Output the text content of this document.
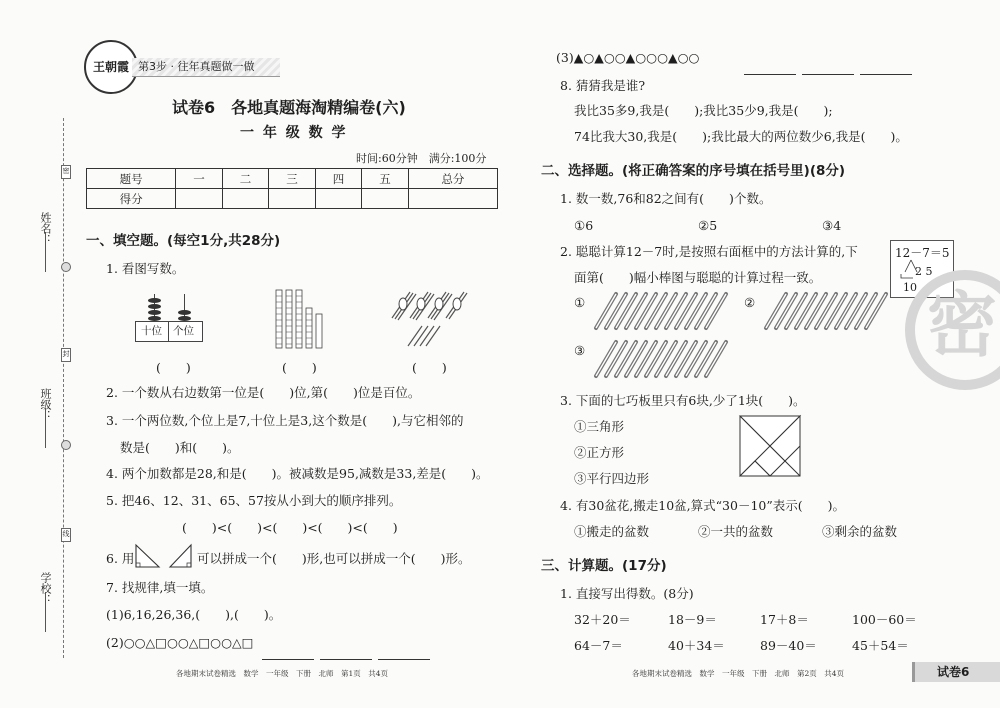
密
封
线
姓名：
班级：
学校：
王朝霞 第3步 · 往年真题做一做
试卷6　各地真题海淘精编卷(六)
一 年 级 数 学
时间:60分钟　满分:100分
题号	一	二	三	四	五	总分
得分						
一、填空题。(每空1分,共28分)
1. 看图写数。
十位 个位
(　　)	(　　)	(　　)
2. 一个数从右边数第一位是(　　)位,第(　　)位是百位。
3. 一个两位数,个位上是7,十位上是3,这个数是(　　),与它相邻的
数是(　　)和(　　)。
4. 两个加数都是28,和是(　　)。被减数是95,减数是33,差是(　　)。
5. 把46、12、31、65、57按从小到大的顺序排列。
(　　)<(　　)<(　　)<(　　)<(　　)
6. 用	可以拼成一个(　　)形,也可以拼成一个(　　)形。
7. 找规律,填一填。
(1)6,16,26,36,(　　),(　　)。
(2)○○△□○○△□○○△□
各地期末试卷精选　数学　一年级　下册　北师　第1页　共4页
(3)▲○▲○○▲○○○▲○○
8. 猜猜我是谁?
我比35多9,我是(　　);我比35少9,我是(　　);
74比我大30,我是(　　);我比最大的两位数少6,我是(　　)。
二、选择题。(将正确答案的序号填在括号里)(8分)
1. 数一数,76和82之间有(　　)个数。
①6	②5	③4
2. 聪聪计算12－7时,是按照右面框中的方法计算的,下
面第(　　)幅小棒图与聪聪的计算过程一致。
12－7＝5
2 5
10
①	②
③
3. 下面的七巧板里只有6块,少了1块(　　)。
①三角形
②正方形
③平行四边形
4. 有30盆花,搬走10盆,算式“30－10”表示(　　)。
①搬走的盆数	②一共的盆数	③剩余的盆数
三、计算题。(17分)
1. 直接写出得数。(8分)
32＋20＝	18－9＝	17＋8＝	100－60＝
64－7＝	40＋34＝	89－40＝	45＋54＝
各地期末试卷精选　数学　一年级　下册　北师　第2页　共4页	试卷6
密
